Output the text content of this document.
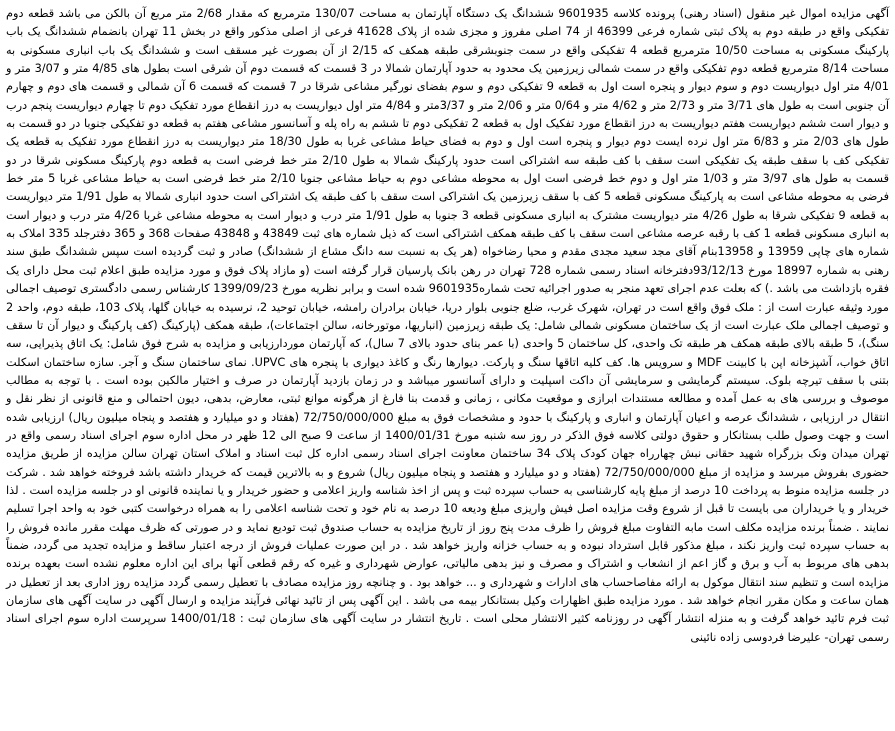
آگهی مزایده اموال غیر منقول (اسناد رهنی) پرونده کلاسه 9601935 ششدانگ یک دستگاه آپارتمان به مساحت 130/07 مترمربع که مقدار 2/68 متر مربع آن بالکن می باشد قطعه دوم تفکیکی واقع در طبقه دوم به پلاک ثبتی شماره فرعی 46399 از 74 اصلی مفروز و مجزی شده از پلاک 41628 فرعی از اصلی مذکور واقع در بخش 11 تهران بانضمام ششدانگ یک باب پارکینگ مسکونی به مساحت 10/50 مترمربع قطعه 4 تفکیکی واقع در سمت جنوبشرقی طبقه همکف که 2/15 از آن بصورت غیر مسقف است و ششدانگ یک باب انباری مسکونی به مساحت 8/14 مترمربع قطعه دوم تفکیکی واقع در سمت شمالی زیرزمین یک محدود به حدود آپارتمان شمالا در 3 قسمت که قسمت دوم آن شرقی است بطول های 4/85 متر و 3/07 متر و 4/01 متر اول دیواریست دوم و سوم دیوار و پنجره است اول به قطعه 9 تفکیکی دوم و سوم بفضای نورگیر مشاعی شرقا در 7 قسمت که قسمت 6 آن شمالی و قسمت های دوم و چهارم آن جنوبی است به طول های 3/71 متر و 2/73 متر و 4/62 متر و 0/64 متر و 2/06 متر و 3/37متر و 4/84 متر اول دیواریست به درز انقطاع مورد تفکیک دوم تا چهارم دیواریست پنجم درب و دیوار است ششم دیواریست هفتم دیواریست به درز انقطاع مورد تفکیک اول به قطعه 2 تفکیکی دوم تا ششم به راه پله و آسانسور مشاعی هفتم به قطعه دو تفکیکی جنوبا در دو قسمت به طول های 2/03 متر و 6/83 متر اول نرده ایست دوم دیوار و پنجره است اول و دوم به فضای حیاط مشاعی غربا به طول 18/30 متر دیواریست به درز انقطاع مورد تفکیک به قطعه یک تفکیکی کف با سقف طبقه یک تفکیکی است سقف با کف طبقه سه اشتراکی است حدود پارکینگ شمالا به طول 2/10 متر خط فرضی است به قطعه دوم پارکینگ مسکونی شرقا در دو قسمت به طول های 3/97 متر و 1/03 متر اول و دوم خط فرضی است اول به محوطه مشاعی دوم به حیاط مشاعی جنوبا 2/10 متر خط فرضی است به حیاط مشاعی غربا 5 متر خط فرضی به محوطه مشاعی است به پارکینگ مسکونی قطعه 5 کف با سقف زیرزمین یک اشتراکی است سقف با کف طبقه یک اشتراکی است حدود انباری شمالا به طول 1/91 متر دیواریست به قطعه 9 تفکیکی شرقا به طول 4/26 متر دیواریست مشترک به انباری مسکونی قطعه 3 جنوبا به طول 1/91 متر درب و دیوار است به محوطه مشاعی غربا 4/26 متر درب و دیوار است به انباری مسکونی قطعه 1 کف با رقبه عرصه مشاعی است سقف با کف طبقه همکف اشتراکی است که ذیل شماره های ثبت 43849 و 43848 صفحات 368 و 365 دفترجلد 335 املاک به شماره های چاپی 13959 و 13958بنام آقای مجد سعید مجدی مقدم و محیا رضاخواه (هر یک به نسبت سه دانگ مشاع از ششدانگ) صادر و ثبت گردیده است سپس ششدانگ طبق سند رهنی به شماره 18997 مورخ 93/12/13دفترخانه اسناد رسمی شماره 728 تهران در رهن بانک پارسیان قرار گرفته است (و مازاد پلاک فوق و مورد مزایده طبق اعلام ثبت محل دارای یک فقره بازداشت می باشد .) که بعلت عدم اجرای تعهد منجر به صدور اجرائیه تحت شماره9601935 شده است و برابر نظریه مورخ 1399/09/23 کارشناس رسمی دادگستری توصیف اجمالی مورد وثیقه عبارت است از : ملک فوق واقع است در تهران، شهرک غرب، ضلع جنوبی بلوار دریا، خیابان برادران رامشه، خیابان توحید 2، نرسیده به خیابان گلها، پلاک 103، طبقه دوم، واحد 2 و توصیف اجمالی ملک عبارت است از یک ساختمان مسکونی شمالی شامل: یک طبقه زیرزمین (انباریها، موتورخانه، سالن اجتماعات)، طبقه همکف (پارکینگ (کف پارکینگ و دیوار آن تا سقف سنگ)، 5 طبقه بالای طبقه همکف هر طبقه تک واحدی، کل ساختمان 5 واحدی (با عمر بنای حدود بالای 7 سال)، که آپارتمان موردارزیابی و مزایده به شرح فوق شامل: یک اتاق پذیرایی، سه اتاق خواب، آشپزخانه اپن با کابینت MDF و سرویس ها. کف کلیه اتاقها سنگ و پارکت. دیوارها رنگ و کاغذ دیواری با پنجره های UPVC. نمای ساختمان سنگ و آجر. سازه ساختمان اسکلت بتنی با سقف تیرچه بلوک. سیستم گرمایشی و سرمایشی آن داکت اسپلیت و دارای آسانسور میباشد و در زمان بازدید آپارتمان در صرف و اختیار مالکین بوده است . با توجه به مطالب موصوف و بررسی های به عمل آمده و مطالعه مستندات ابرازی و موقعیت مکانی ، زمانی و قدمت بنا فارغ از هرگونه موانع ثبتی، معارض، بدهی، دیون احتمالی و منع قانونی از نظر نقل و انتقال در ارزیابی ، ششدانگ عرصه و اعیان آپارتمان و انباری و پارکینگ با حدود و مشخصات فوق به مبلغ 72/750/000/000 (هفتاد و دو میلیارد و هفتصد و پنجاه میلیون ریال) ارزیابی شده است و جهت وصول طلب بستانکار و حقوق دولتی کلاسه فوق الذکر در روز سه شنبه مورخ 1400/01/31 از ساعت 9 صبح الی 12 ظهر در محل اداره سوم اجرای اسناد رسمی واقع در تهران میدان ونک بزرگراه شهید حقانی نبش چهارراه جهان کودک پلاک 34 ساختمان معاونت اجرای اسناد رسمی اداره کل ثبت اسناد و املاک استان تهران سالن مزایده از طریق مزایده حضوری بفروش میرسد و مزایده از مبلغ 72/750/000/000 (هفتاد و دو میلیارد و هفتصد و پنجاه میلیون ریال) شروع و به بالاترین قیمت که خریدار داشته باشد فروخته خواهد شد . شرکت در جلسه مزایده منوط به پرداخت 10 درصد از مبلغ پایه کارشناسی به حساب سپرده ثبت و پس از اخذ شناسه واریز اعلامی و حضور خریدار و یا نماینده قانونی او در جلسه مزایده است . لذا خریدار و یا خریداران می بایست تا قبل از شروع وقت مزایده اصل فیش واریزی مبلغ ودیعه 10 درصد به نام خود و تحت شناسه اعلامی را به همراه درخواست کتبی خود به واحد اجرا تسلیم نمایند . ضمناً برنده مزایده مکلف است مابه التفاوت مبلغ فروش را ظرف مدت پنج روز از تاریخ مزایده به حساب صندوق ثبت تودیع نماید و در صورتی که ظرف مهلت مقرر مانده فروش را به حساب سپرده ثبت واریز نکند ، مبلغ مذکور قابل استرداد نبوده و به حساب خزانه واریز خواهد شد . در این صورت عملیات فروش از درجه اعتبار ساقط و مزایده تجدید می گردد، ضمناً بدهی های مربوط به آب و برق و گاز اعم از انشعاب و اشتراک و مصرف و نیز بدهی مالیاتی، عوارض شهرداری و غیره که رقم قطعی آنها برای این اداره معلوم نشده است بعهده برنده مزایده است و تنظیم سند انتقال موکول به ارائه مفاصاحساب های ادارات و شهرداری و ... خواهد بود . و چنانچه روز مزایده مصادف با تعطیل رسمی گردد مزایده روز اداری بعد از تعطیل در همان ساعت و مکان مقرر انجام خواهد شد . مورد مزایده طبق اظهارات وکیل بستانکار بیمه می باشد . این آگهی پس از تائید نهائی فرآیند مزایده و ارسال آگهی در سایت آگهی های سازمان ثبت فرم تائید خواهد گرفت و به منزله انتشار آگهی در روزنامه کثیر الانتشار محلی است . تاریخ انتشار در سایت آگهی های سازمان ثبت : 1400/01/18 سرپرست اداره سوم اجرای اسناد رسمی تهران- علیرضا فردوسی زاده نائینی
